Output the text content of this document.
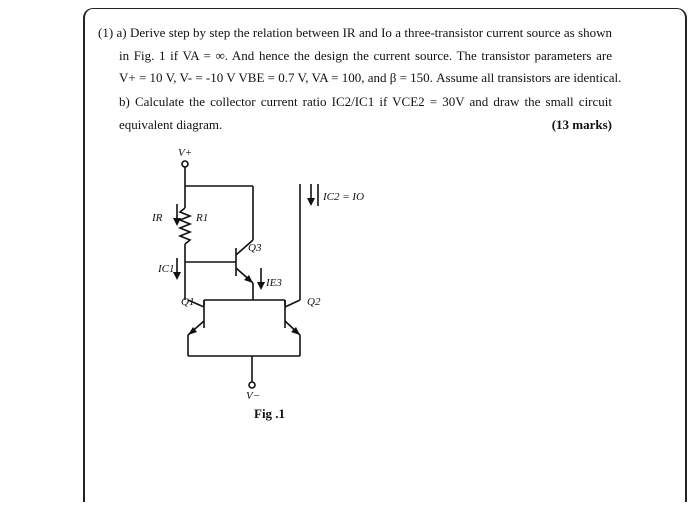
(1) a) Derive step by step the relation between IR and Io a three-transistor current source as shown
in Fig. 1 if VA = ∞. And hence the design the current source. The transistor parameters are
V+ = 10 V, V- = -10 V VBE = 0.7 V, VA = 100, and β = 150. Assume all transistors are identical.
b) Calculate the collector current ratio IC2/IC1 if VCE2 = 30V and draw the small circuit
equivalent diagram.	(13 marks)
V+
IR	R1
IC1
Q3
IE3
Q1	Q2
IC2 = IO
V−
Fig .1
